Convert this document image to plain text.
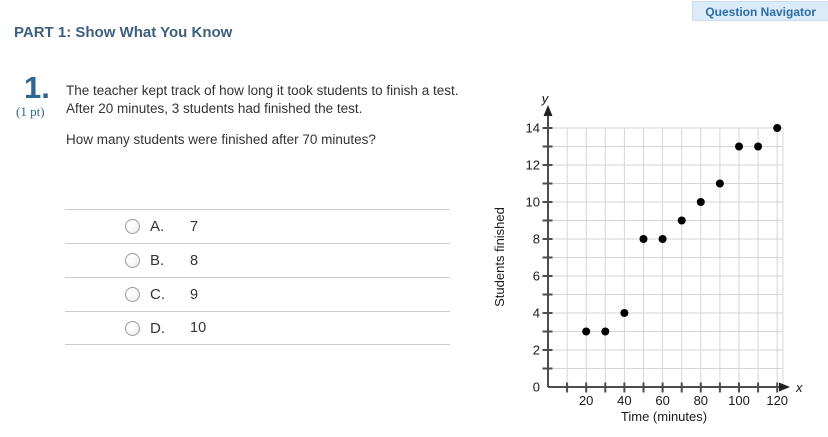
Question Navigator
PART 1: Show What You Know
1.
(1 pt)
The teacher kept track of how long it took students to finish a test. After 20 minutes, 3 students had finished the test.
How many students were finished after 70 minutes?
A.	7
B.	8
C.	9
D.	10
20 40 60 80 100 120
0
2
4
6
8
10
12
14
y
x
Time (minutes)
Students finished
